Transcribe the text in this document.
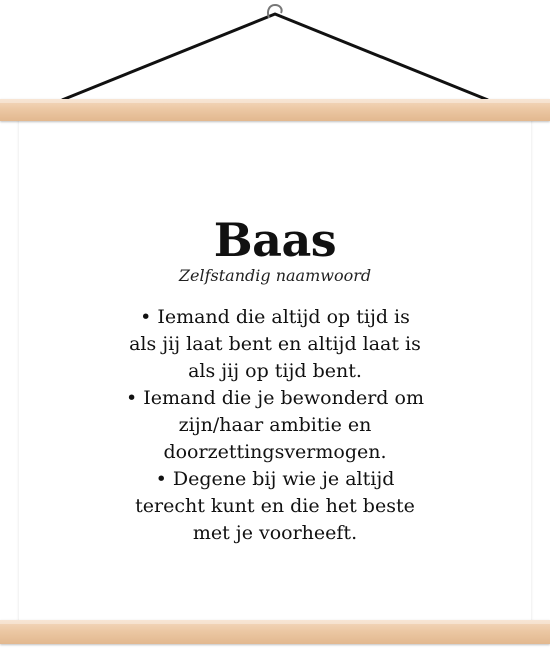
Baas
Zelfstandig naamwoord
• Iemand die altijd op tijd is
als jij laat bent en altijd laat is
als jij op tijd bent.
• Iemand die je bewonderd om
zijn/haar ambitie en
doorzettingsvermogen.
• Degene bij wie je altijd
terecht kunt en die het beste
met je voorheeft.
